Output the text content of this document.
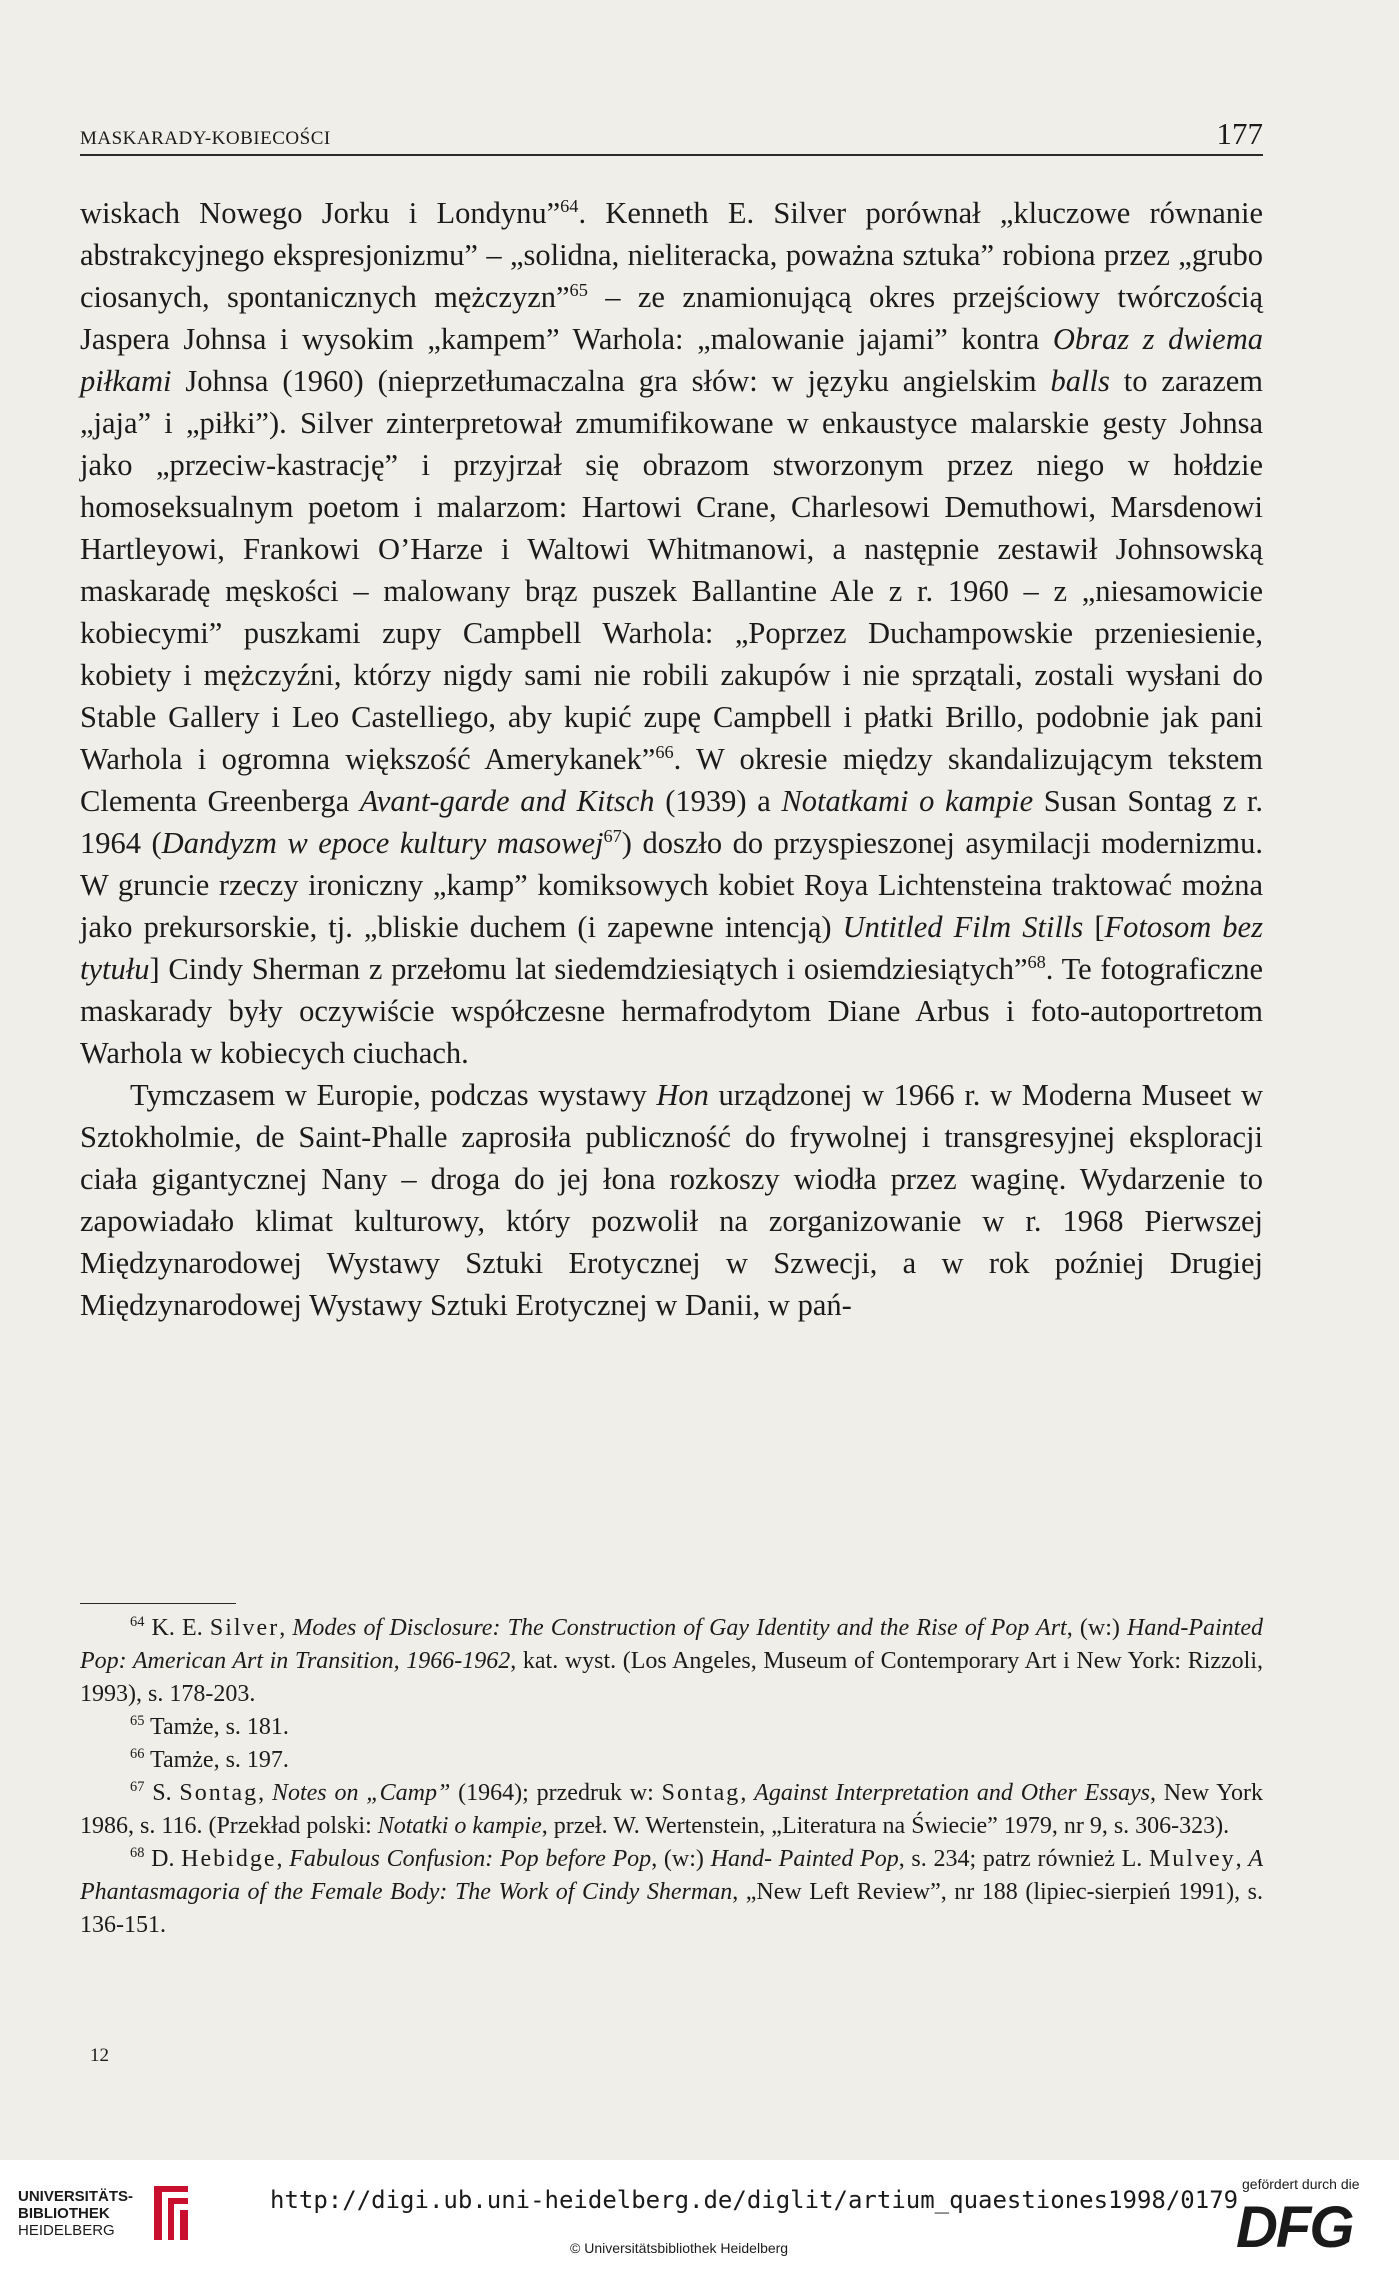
MASKARADY-KOBIECOŚCI	177

wiskach Nowego Jorku i Londynu”$^{64}$. Kenneth E. Silver porównał „kluczowe równanie abstrakcyjnego ekspresjonizmu” – „solidna, nieliteracka, poważna sztuka” robiona przez „grubo ciosanych, spontanicznych mężczyzn”$^{65}$ – ze znamionującą okres przejściowy twórczością Jaspera Johnsa i wysokim „kampem” Warhola: „malowanie jajami” kontra Obraz z dwiema piłkami Johnsa (1960) (nieprzetłumaczalna gra słów: w języku angielskim balls to zarazem „jaja” i „piłki”). Silver zinterpretował zmumifikowane w enkaustyce malarskie gesty Johnsa jako „przeciw-kastrację” i przyjrzał się obrazom stworzonym przez niego w hołdzie homoseksualnym poetom i malarzom: Hartowi Crane, Charlesowi Demuthowi, Marsdenowi Hartleyowi, Frankowi O’Harze i Waltowi Whitmanowi, a następnie zestawił Johnsowską maskaradę męskości – malowany brąz puszek Ballantine Ale z r. 1960 – z „niesamowicie kobiecymi” puszkami zupy Campbell Warhola: „Poprzez Duchampowskie przeniesienie, kobiety i mężczyźni, którzy nigdy sami nie robili zakupów i nie sprzątali, zostali wysłani do Stable Gallery i Leo Castelliego, aby kupić zupę Campbell i płatki Brillo, podobnie jak pani Warhola i ogromna większość Amerykanek”$^{66}$. W okresie między skandalizującym tekstem Clementa Greenberga Avant-garde and Kitsch (1939) a Notatkami o kampie Susan Sontag z r. 1964 (Dandyzm w epoce kultury masowej$^{67}$) doszło do przyspieszonej asymilacji modernizmu. W gruncie rzeczy ironiczny „kamp” komiksowych kobiet Roya Lichtensteina traktować można jako prekursorskie, tj. „bliskie duchem (i zapewne intencją) Untitled Film Stills [Fotosom bez tytułu] Cindy Sherman z przełomu lat siedemdziesiątych i osiemdziesiątych”$^{68}$. Te fotograficzne maskarady były oczywiście współczesne hermafrodytom Diane Arbus i foto-autoportretom Warhola w kobiecych ciuchach.

Tymczasem w Europie, podczas wystawy Hon urządzonej w 1966 r. w Moderna Museet w Sztokholmie, de Saint-Phalle zaprosiła publiczność do frywolnej i transgresyjnej eksploracji ciała gigantycznej Nany – droga do jej łona rozkoszy wiodła przez waginę. Wydarzenie to zapowiadało klimat kulturowy, który pozwolił na zorganizowanie w r. 1968 Pierwszej Międzynarodowej Wystawy Sztuki Erotycznej w Szwecji, a w rok poźniej Drugiej Międzynarodowej Wystawy Sztuki Erotycznej w Danii, w pań-

$^{64}$ K. E. Silver, Modes of Disclosure: The Construction of Gay Identity and the Rise of Pop Art, (w:) Hand-Painted Pop: American Art in Transition, 1966-1962, kat. wyst. (Los Angeles, Museum of Contemporary Art i New York: Rizzoli, 1993), s. 178-203.

$^{65}$ Tamże, s. 181.

$^{66}$ Tamże, s. 197.

$^{67}$ S. Sontag, Notes on „Camp” (1964); przedruk w: Sontag, Against Interpretation and Other Essays, New York 1986, s. 116. (Przekład polski: Notatki o kampie, przeł. W. Wertenstein, „Literatura na Świecie” 1979, nr 9, s. 306-323).

$^{68}$ D. Hebidge, Fabulous Confusion: Pop before Pop, (w:) Hand- Painted Pop, s. 234; patrz również L. Mulvey, A Phantasmagoria of the Female Body: The Work of Cindy Sherman, „New Left Review”, nr 188 (lipiec-sierpień 1991), s. 136-151.

12
UNIVERSITÄTS-
BIBLIOTHEK
HEIDELBERG
http://digi.ub.uni-heidelberg.de/diglit/artium_quaestiones1998/0179
© Universitätsbibliothek Heidelberg
gefördert durch die
DFG
